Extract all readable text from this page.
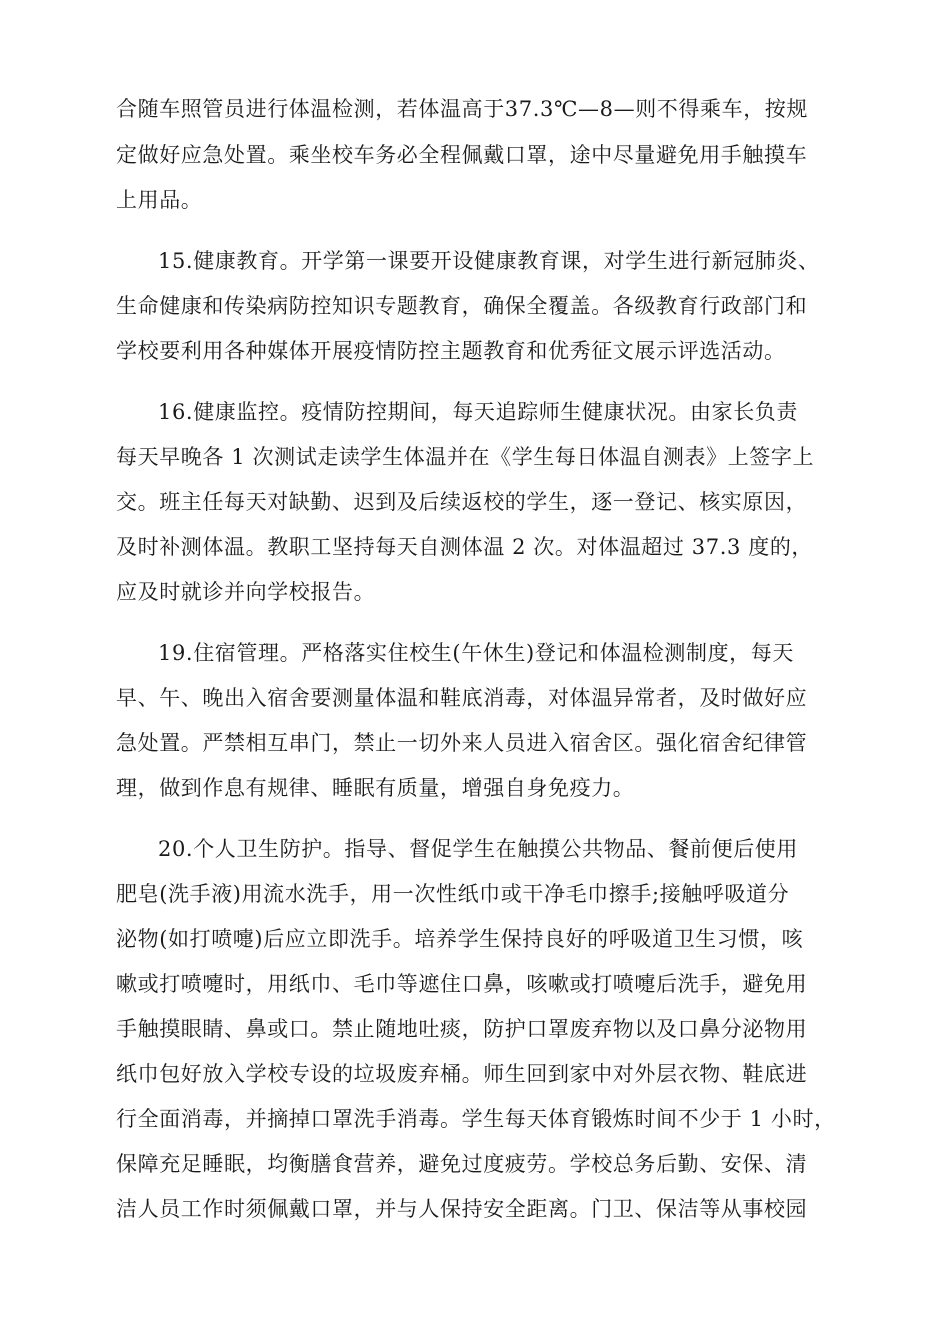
合随车照管员进行体温检测，若体温高于37.3℃—8—则不得乘车，按规
定做好应急处置。乘坐校车务必全程佩戴口罩，途中尽量避免用手触摸车
上用品。
15.健康教育。开学第一课要开设健康教育课，对学生进行新冠肺炎、
生命健康和传染病防控知识专题教育，确保全覆盖。各级教育行政部门和
学校要利用各种媒体开展疫情防控主题教育和优秀征文展示评选活动。
16.健康监控。疫情防控期间，每天追踪师生健康状况。由家长负责
每天早晚各 1 次测试走读学生体温并在《学生每日体温自测表》上签字上
交。班主任每天对缺勤、迟到及后续返校的学生，逐一登记、核实原因，
及时补测体温。教职工坚持每天自测体温 2 次。对体温超过 37.3 度的，
应及时就诊并向学校报告。
19.住宿管理。严格落实住校生(午休生)登记和体温检测制度，每天
早、午、晚出入宿舍要测量体温和鞋底消毒，对体温异常者，及时做好应
急处置。严禁相互串门，禁止一切外来人员进入宿舍区。强化宿舍纪律管
理，做到作息有规律、睡眠有质量，增强自身免疫力。
20.个人卫生防护。指导、督促学生在触摸公共物品、餐前便后使用
肥皂(洗手液)用流水洗手，用一次性纸巾或干净毛巾擦手;接触呼吸道分
泌物(如打喷嚏)后应立即洗手。培养学生保持良好的呼吸道卫生习惯，咳
嗽或打喷嚏时，用纸巾、毛巾等遮住口鼻，咳嗽或打喷嚏后洗手，避免用
手触摸眼睛、鼻或口。禁止随地吐痰，防护口罩废弃物以及口鼻分泌物用
纸巾包好放入学校专设的垃圾废弃桶。师生回到家中对外层衣物、鞋底进
行全面消毒，并摘掉口罩洗手消毒。学生每天体育锻炼时间不少于 1 小时，
保障充足睡眠，均衡膳食营养，避免过度疲劳。学校总务后勤、安保、清
洁人员工作时须佩戴口罩，并与人保持安全距离。门卫、保洁等从事校园
